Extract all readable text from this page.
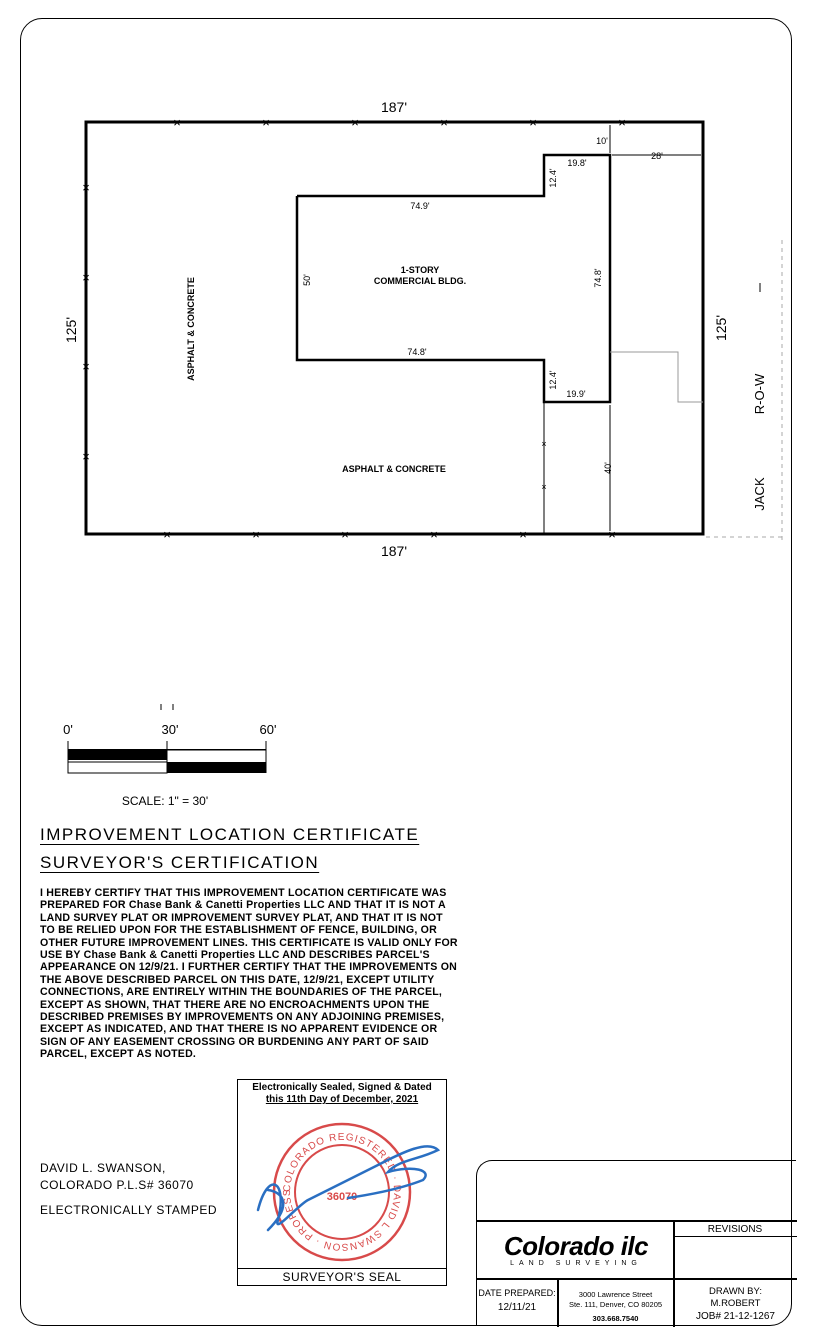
×	×	×	×	×	×
×
×
×
×
×	×	×	×	×	×
×
×
187'
187'
125'	125'
10'
28'
19.8'
12.4'
74.9'
74.8'
50'
74.8'
12.4'
19.9'
40'
1-STORY
COMMERCIAL BLDG.
ASPHALT & CONCRETE
ASPHALT & CONCRETE
R-O-W
JACK
0'	30'	60'
SCALE: 1" = 30'
IMPROVEMENT LOCATION CERTIFICATE
SURVEYOR'S CERTIFICATION
I HEREBY CERTIFY THAT THIS IMPROVEMENT LOCATION CERTIFICATE WAS PREPARED FOR Chase Bank & Canetti Properties LLC AND THAT IT IS NOT A LAND SURVEY PLAT OR IMPROVEMENT SURVEY PLAT, AND THAT IT IS NOT TO BE RELIED UPON FOR THE ESTABLISHMENT OF FENCE, BUILDING, OR OTHER FUTURE IMPROVEMENT LINES. THIS CERTIFICATE IS VALID ONLY FOR USE BY Chase Bank & Canetti Properties LLC AND DESCRIBES PARCEL'S APPEARANCE ON 12/9/21. I FURTHER CERTIFY THAT THE IMPROVEMENTS ON THE ABOVE DESCRIBED PARCEL ON THIS DATE, 12/9/21, EXCEPT UTILITY CONNECTIONS, ARE ENTIRELY WITHIN THE BOUNDARIES OF THE PARCEL, EXCEPT AS SHOWN, THAT THERE ARE NO ENCROACHMENTS UPON THE DESCRIBED PREMISES BY IMPROVEMENTS ON ANY ADJOINING PREMISES, EXCEPT AS INDICATED, AND THAT THERE IS NO APPARENT EVIDENCE OR SIGN OF ANY EASEMENT CROSSING OR BURDENING ANY PART OF SAID PARCEL, EXCEPT AS NOTED.
DAVID L. SWANSON,
COLORADO P.L.S# 36070
ELECTRONICALLY STAMPED
Electronically Sealed, Signed & Dated
this 11th Day of December, 2021
COLORADO REGISTERED · DAVID L SWANSON · PROFESS	36070
SURVEYOR'S SEAL
REVISIONS
DATE PREPARED:
12/11/21
3000 Lawrence Street
Ste. 111, Denver, CO 80205
303.668.7540
DRAWN BY:
M.ROBERT
JOB# 21-12-1267
Colorado ilc
LAND SURVEYING
